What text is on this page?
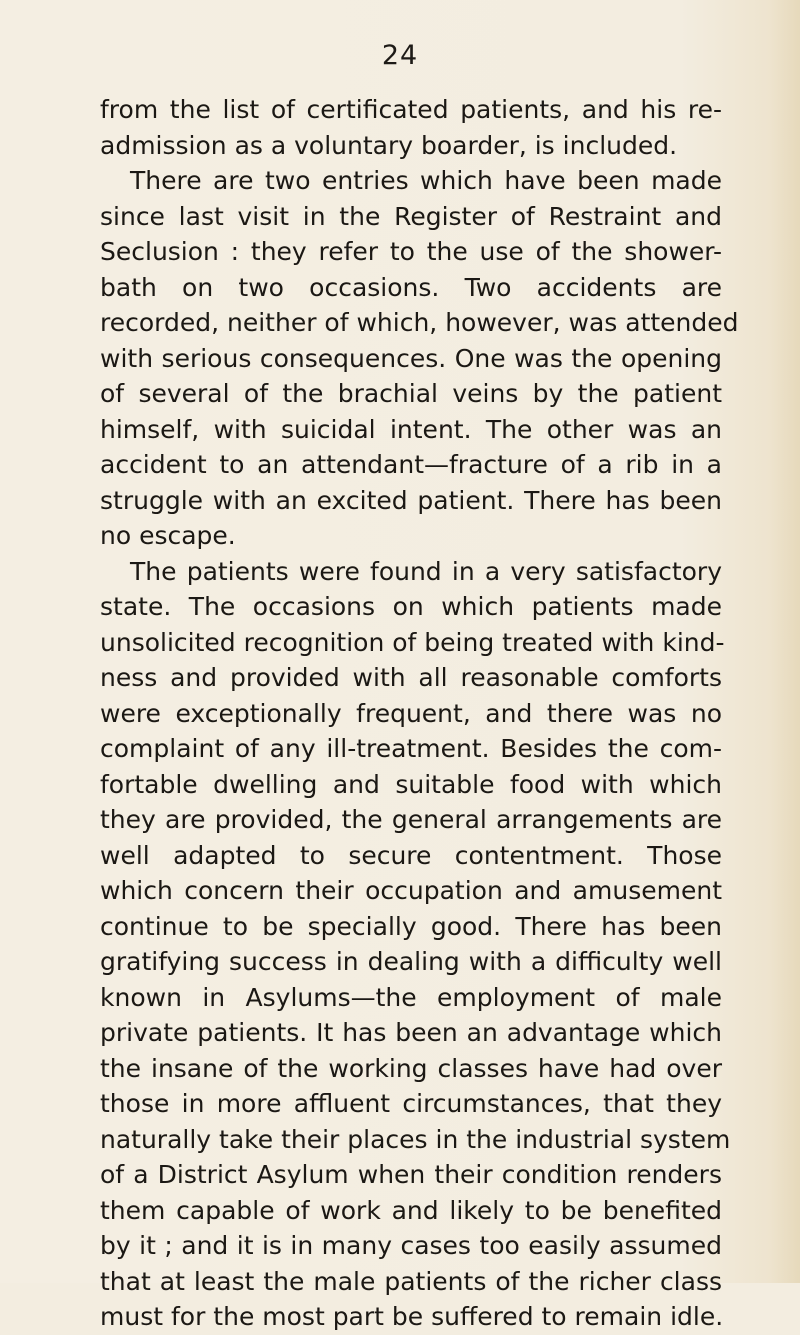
24
from the list of certificated patients, and his re-
admission as a voluntary boarder, is included.
There are two entries which have been made
since last visit in the Register of Restraint and
Seclusion : they refer to the use of the shower-
bath on two occasions. Two accidents are
recorded, neither of which, however, was attended
with serious consequences. One was the opening
of several of the brachial veins by the patient
himself, with suicidal intent. The other was an
accident to an attendant—fracture of a rib in a
struggle with an excited patient. There has been
no escape.
The patients were found in a very satisfactory
state. The occasions on which patients made
unsolicited recognition of being treated with kind-
ness and provided with all reasonable comforts
were exceptionally frequent, and there was no
complaint of any ill-treatment. Besides the com-
fortable dwelling and suitable food with which
they are provided, the general arrangements are
well adapted to secure contentment. Those
which concern their occupation and amusement
continue to be specially good. There has been
gratifying success in dealing with a difficulty well
known in Asylums—the employment of male
private patients. It has been an advantage which
the insane of the working classes have had over
those in more affluent circumstances, that they
naturally take their places in the industrial system
of a District Asylum when their condition renders
them capable of work and likely to be benefited
by it ; and it is in many cases too easily assumed
that at least the male patients of the richer class
must for the most part be suffered to remain idle.
